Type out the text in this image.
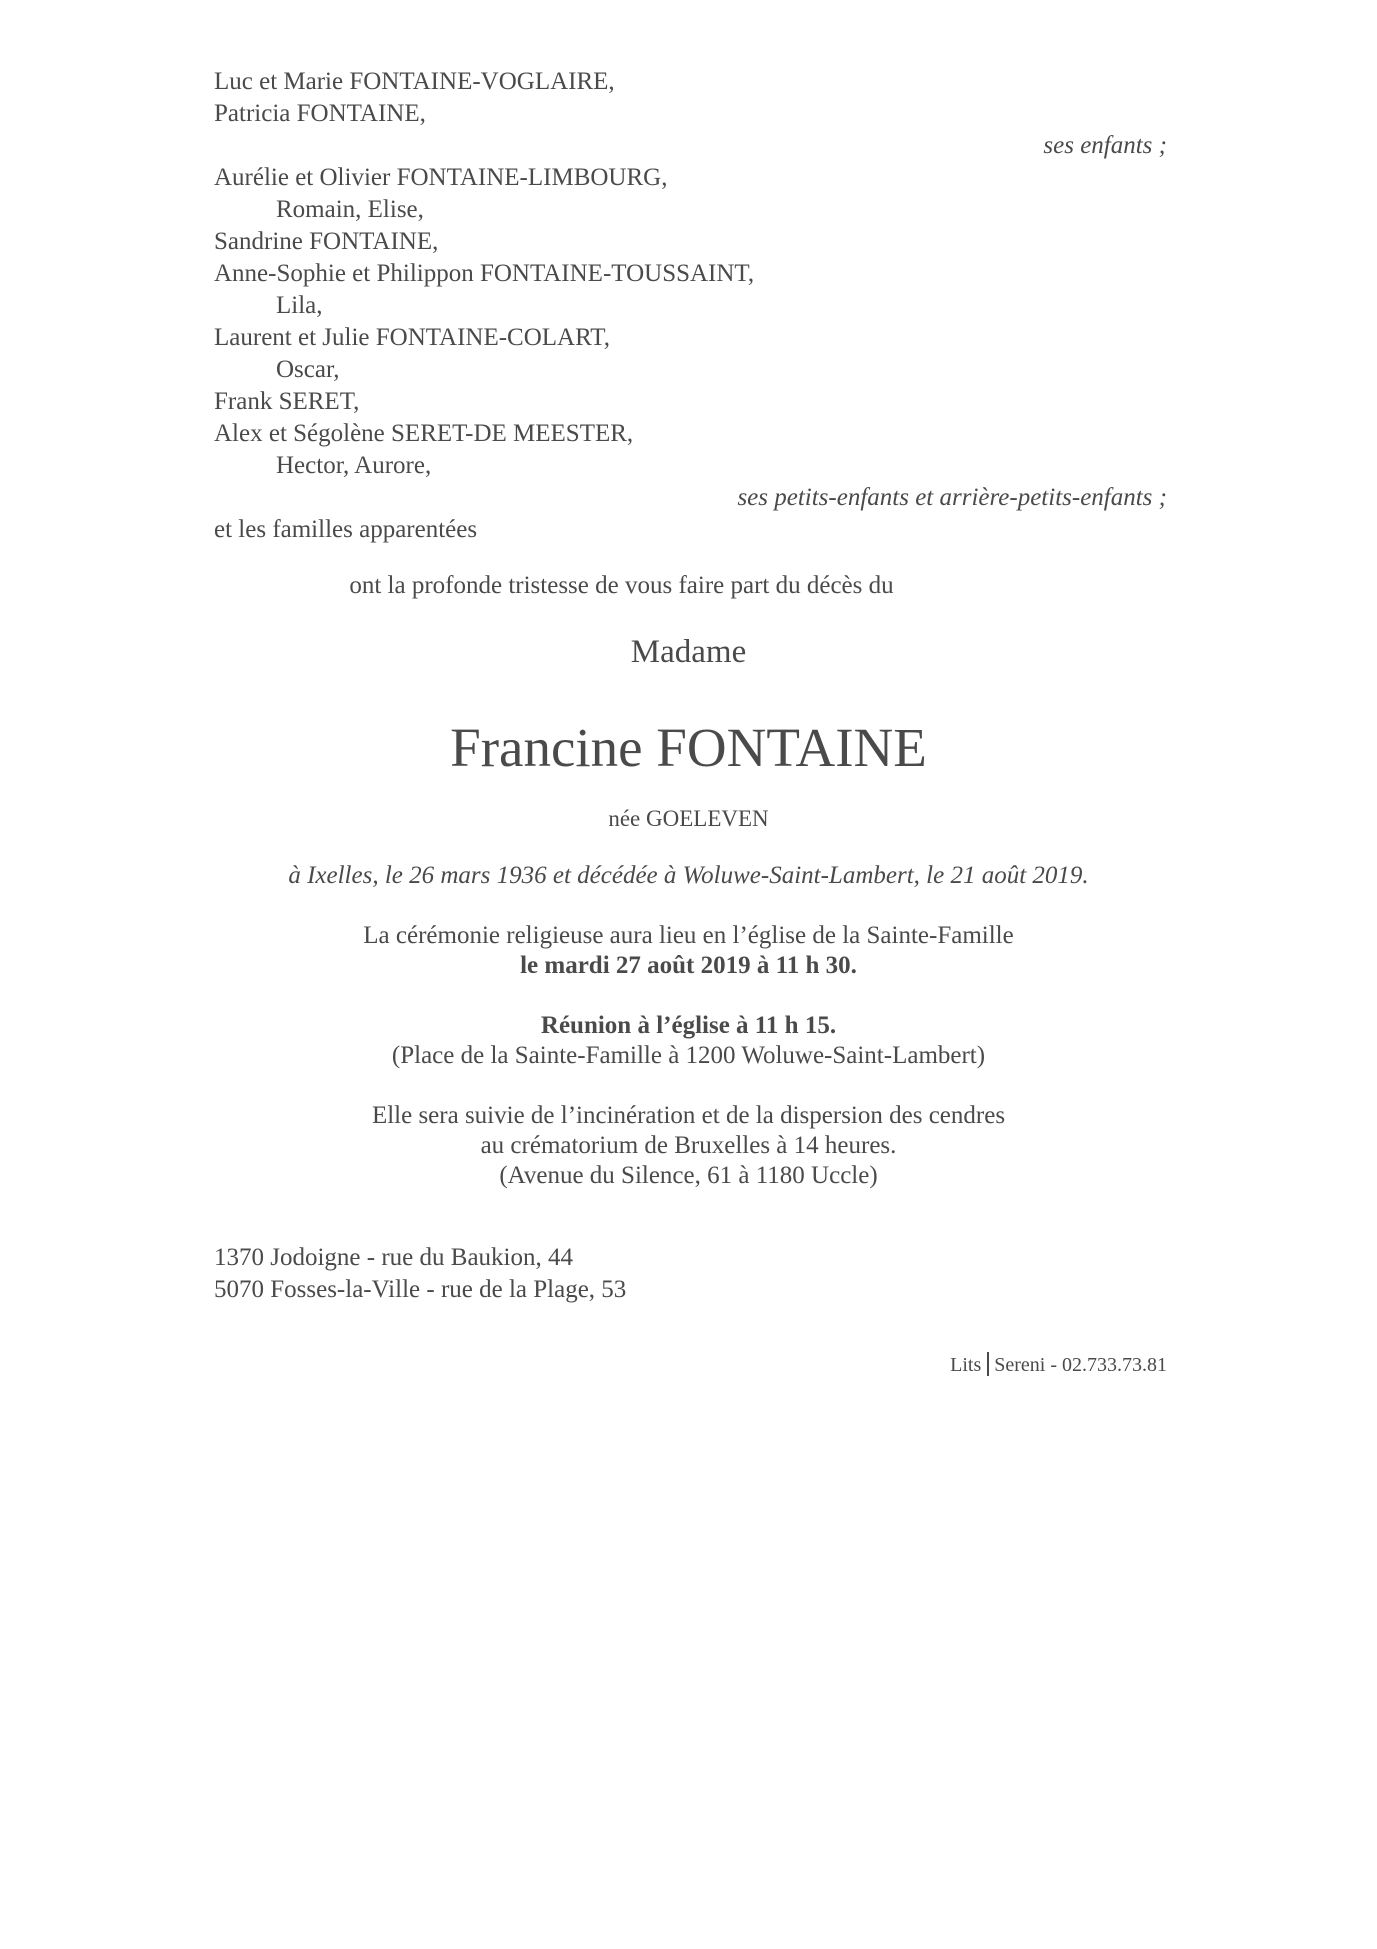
Luc et Marie FONTAINE-VOGLAIRE,
Patricia FONTAINE,
ses enfants ;
Aurélie et Olivier FONTAINE-LIMBOURG,
Romain, Elise,
Sandrine FONTAINE,
Anne-Sophie et Philippon FONTAINE-TOUSSAINT,
Lila,
Laurent et Julie FONTAINE-COLART,
Oscar,
Frank SERET,
Alex et Ségolène SERET-DE MEESTER,
Hector, Aurore,
ses petits-enfants et arrière-petits-enfants ;
et les familles apparentées
ont la profonde tristesse de vous faire part du décès du
Madame
Francine FONTAINE
née GOELEVEN
à Ixelles, le 26 mars 1936 et décédée à Woluwe-Saint-Lambert, le 21 août 2019.
La cérémonie religieuse aura lieu en l’église de la Sainte-Famille
le mardi 27 août 2019 à 11 h 30.
Réunion à l’église à 11 h 15.
(Place de la Sainte-Famille à 1200 Woluwe-Saint-Lambert)
Elle sera suivie de l’incinération et de la dispersion des cendres
au crématorium de Bruxelles à 14 heures.
(Avenue du Silence, 61 à 1180 Uccle)
1370 Jodoigne - rue du Baukion, 44
5070 Fosses-la-Ville - rue de la Plage, 53
Lits Sereni - 02.733.73.81
